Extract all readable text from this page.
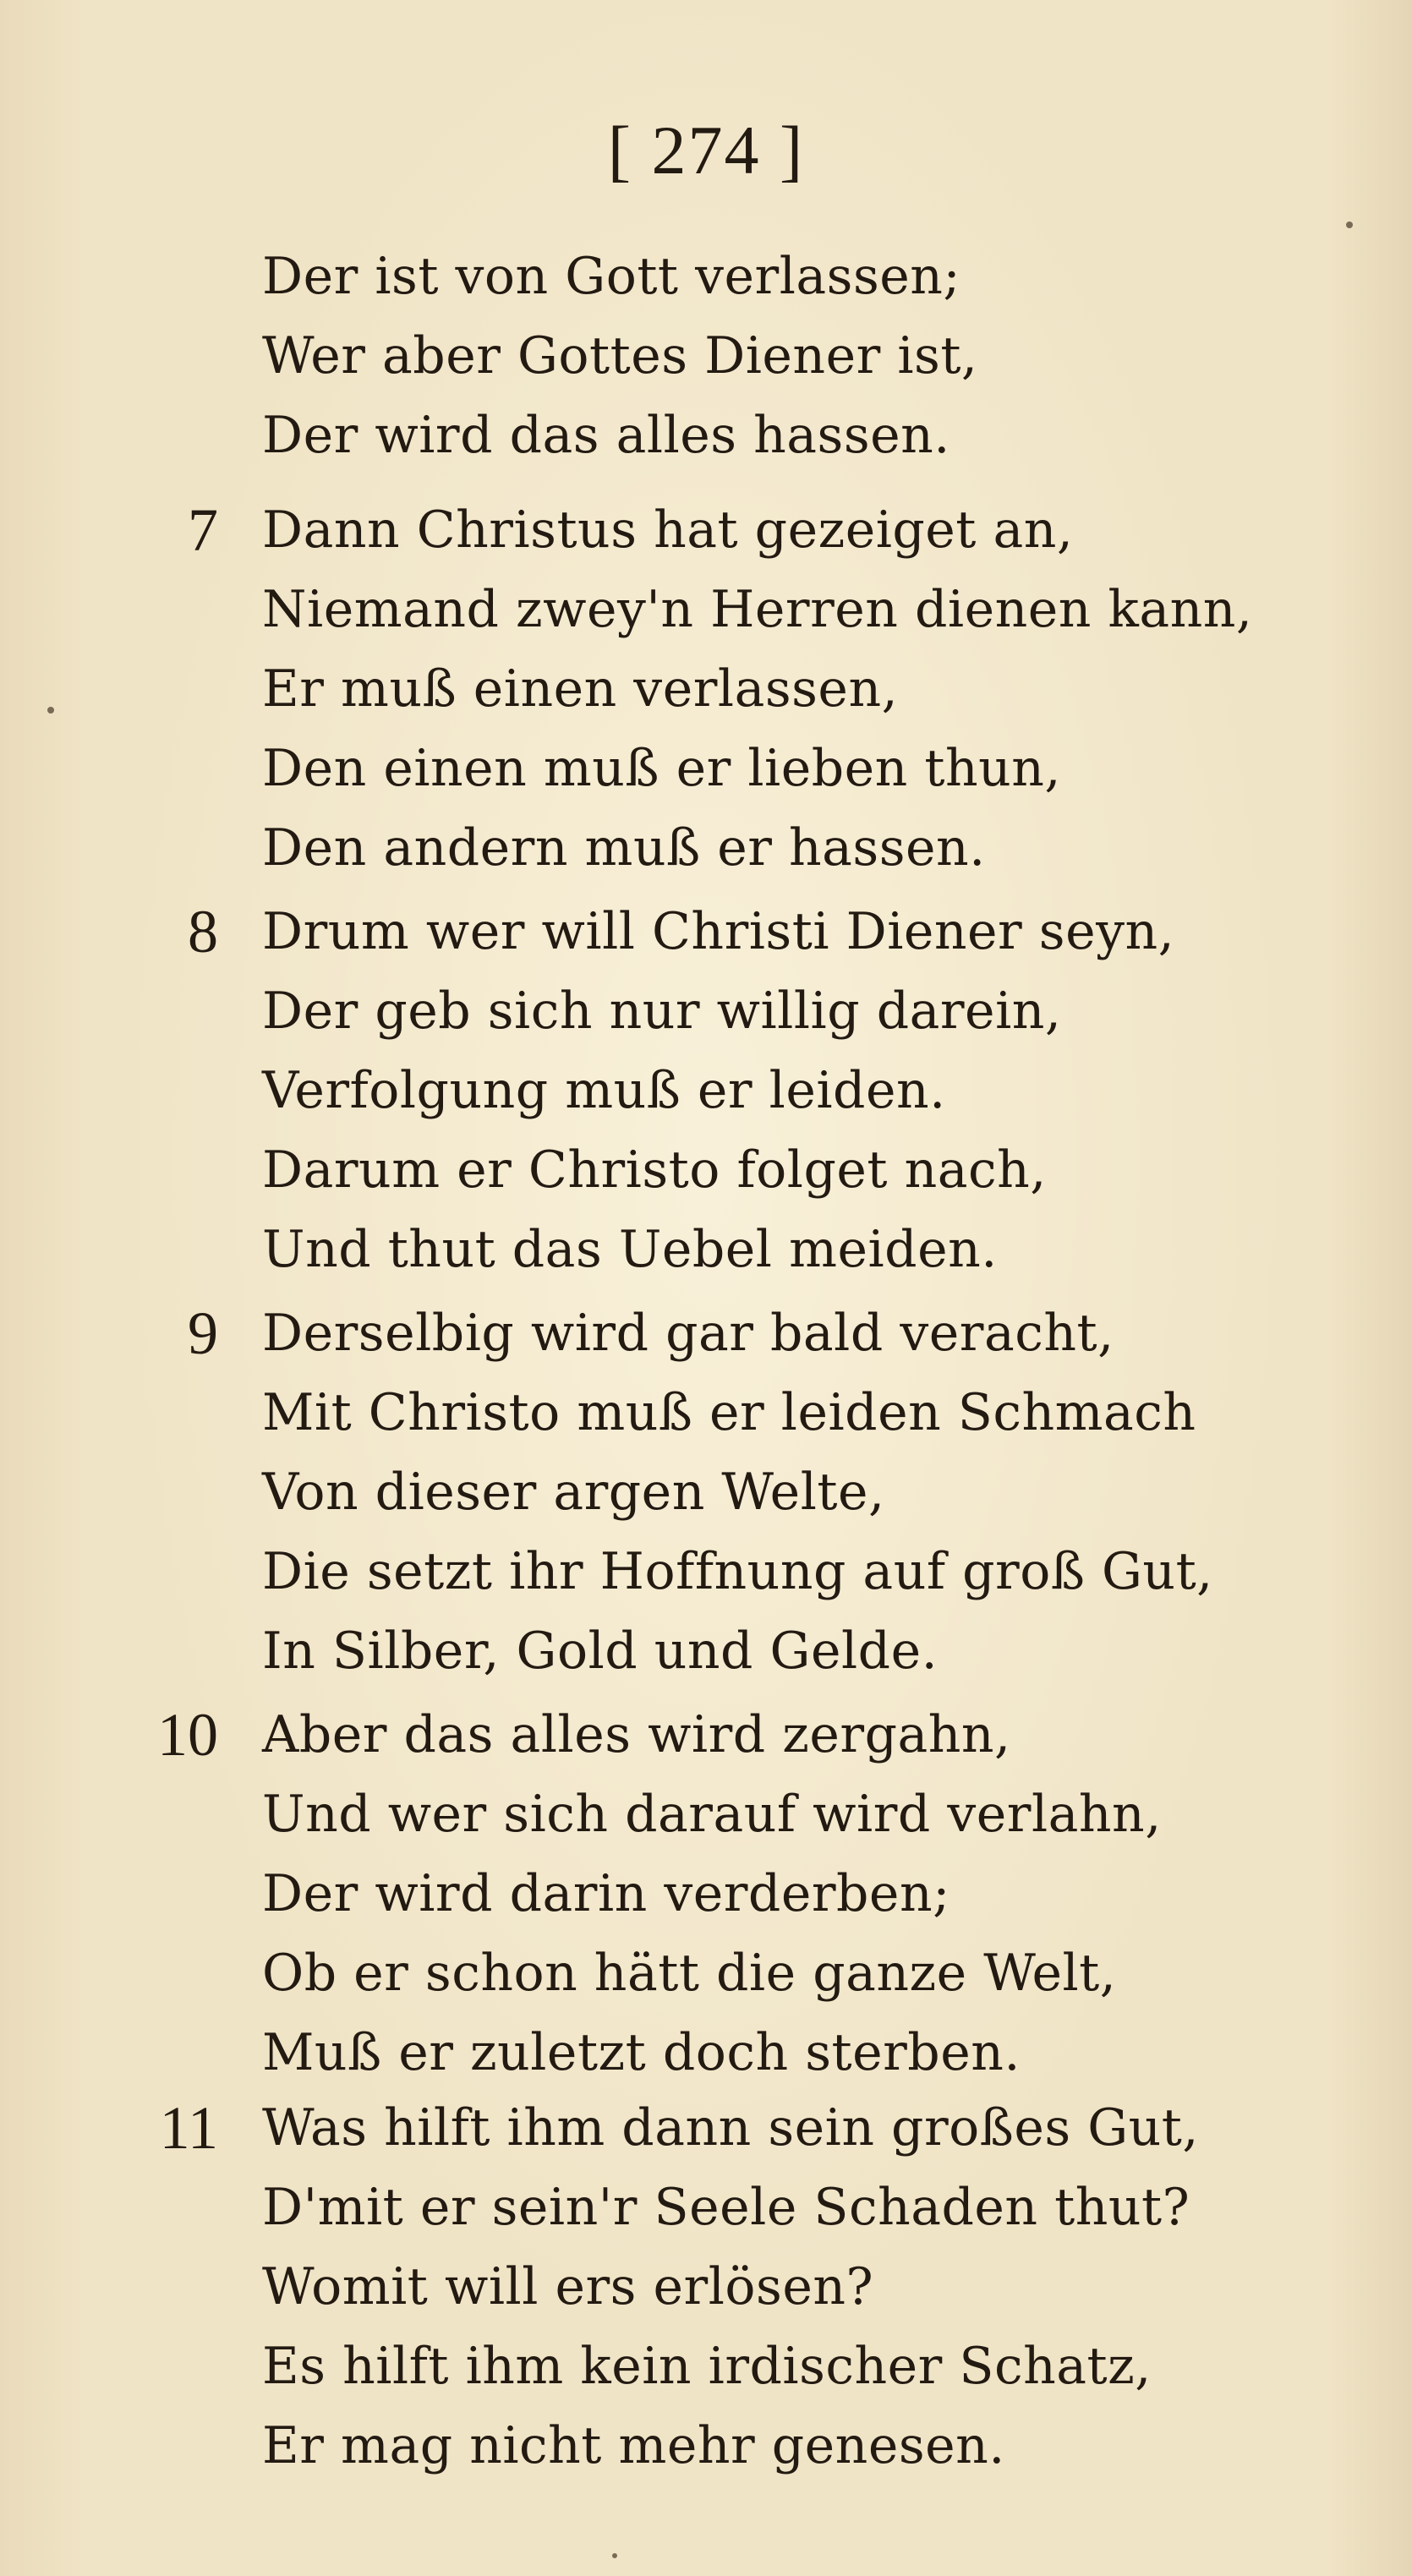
[ 274 ]
Der ist von Gott verlassen;
Wer aber Gottes Diener ist,
Der wird das alles hassen.
7 Dann Christus hat gezeiget an,
Niemand zwey'n Herren dienen kann,
Er muß einen verlassen,
Den einen muß er lieben thun,
Den andern muß er hassen.
8 Drum wer will Christi Diener seyn,
Der geb sich nur willig darein,
Verfolgung muß er leiden.
Darum er Christo folget nach,
Und thut das Uebel meiden.
9 Derselbig wird gar bald veracht,
Mit Christo muß er leiden Schmach
Von dieser argen Welte,
Die setzt ihr Hoffnung auf groß Gut,
In Silber, Gold und Gelde.
10 Aber das alles wird zergahn,
Und wer sich darauf wird verlahn,
Der wird darin verderben;
Ob er schon hätt die ganze Welt,
Muß er zuletzt doch sterben.
11 Was hilft ihm dann sein großes Gut,
D'mit er sein'r Seele Schaden thut?
Womit will ers erlösen?
Es hilft ihm kein irdischer Schatz,
Er mag nicht mehr genesen.
